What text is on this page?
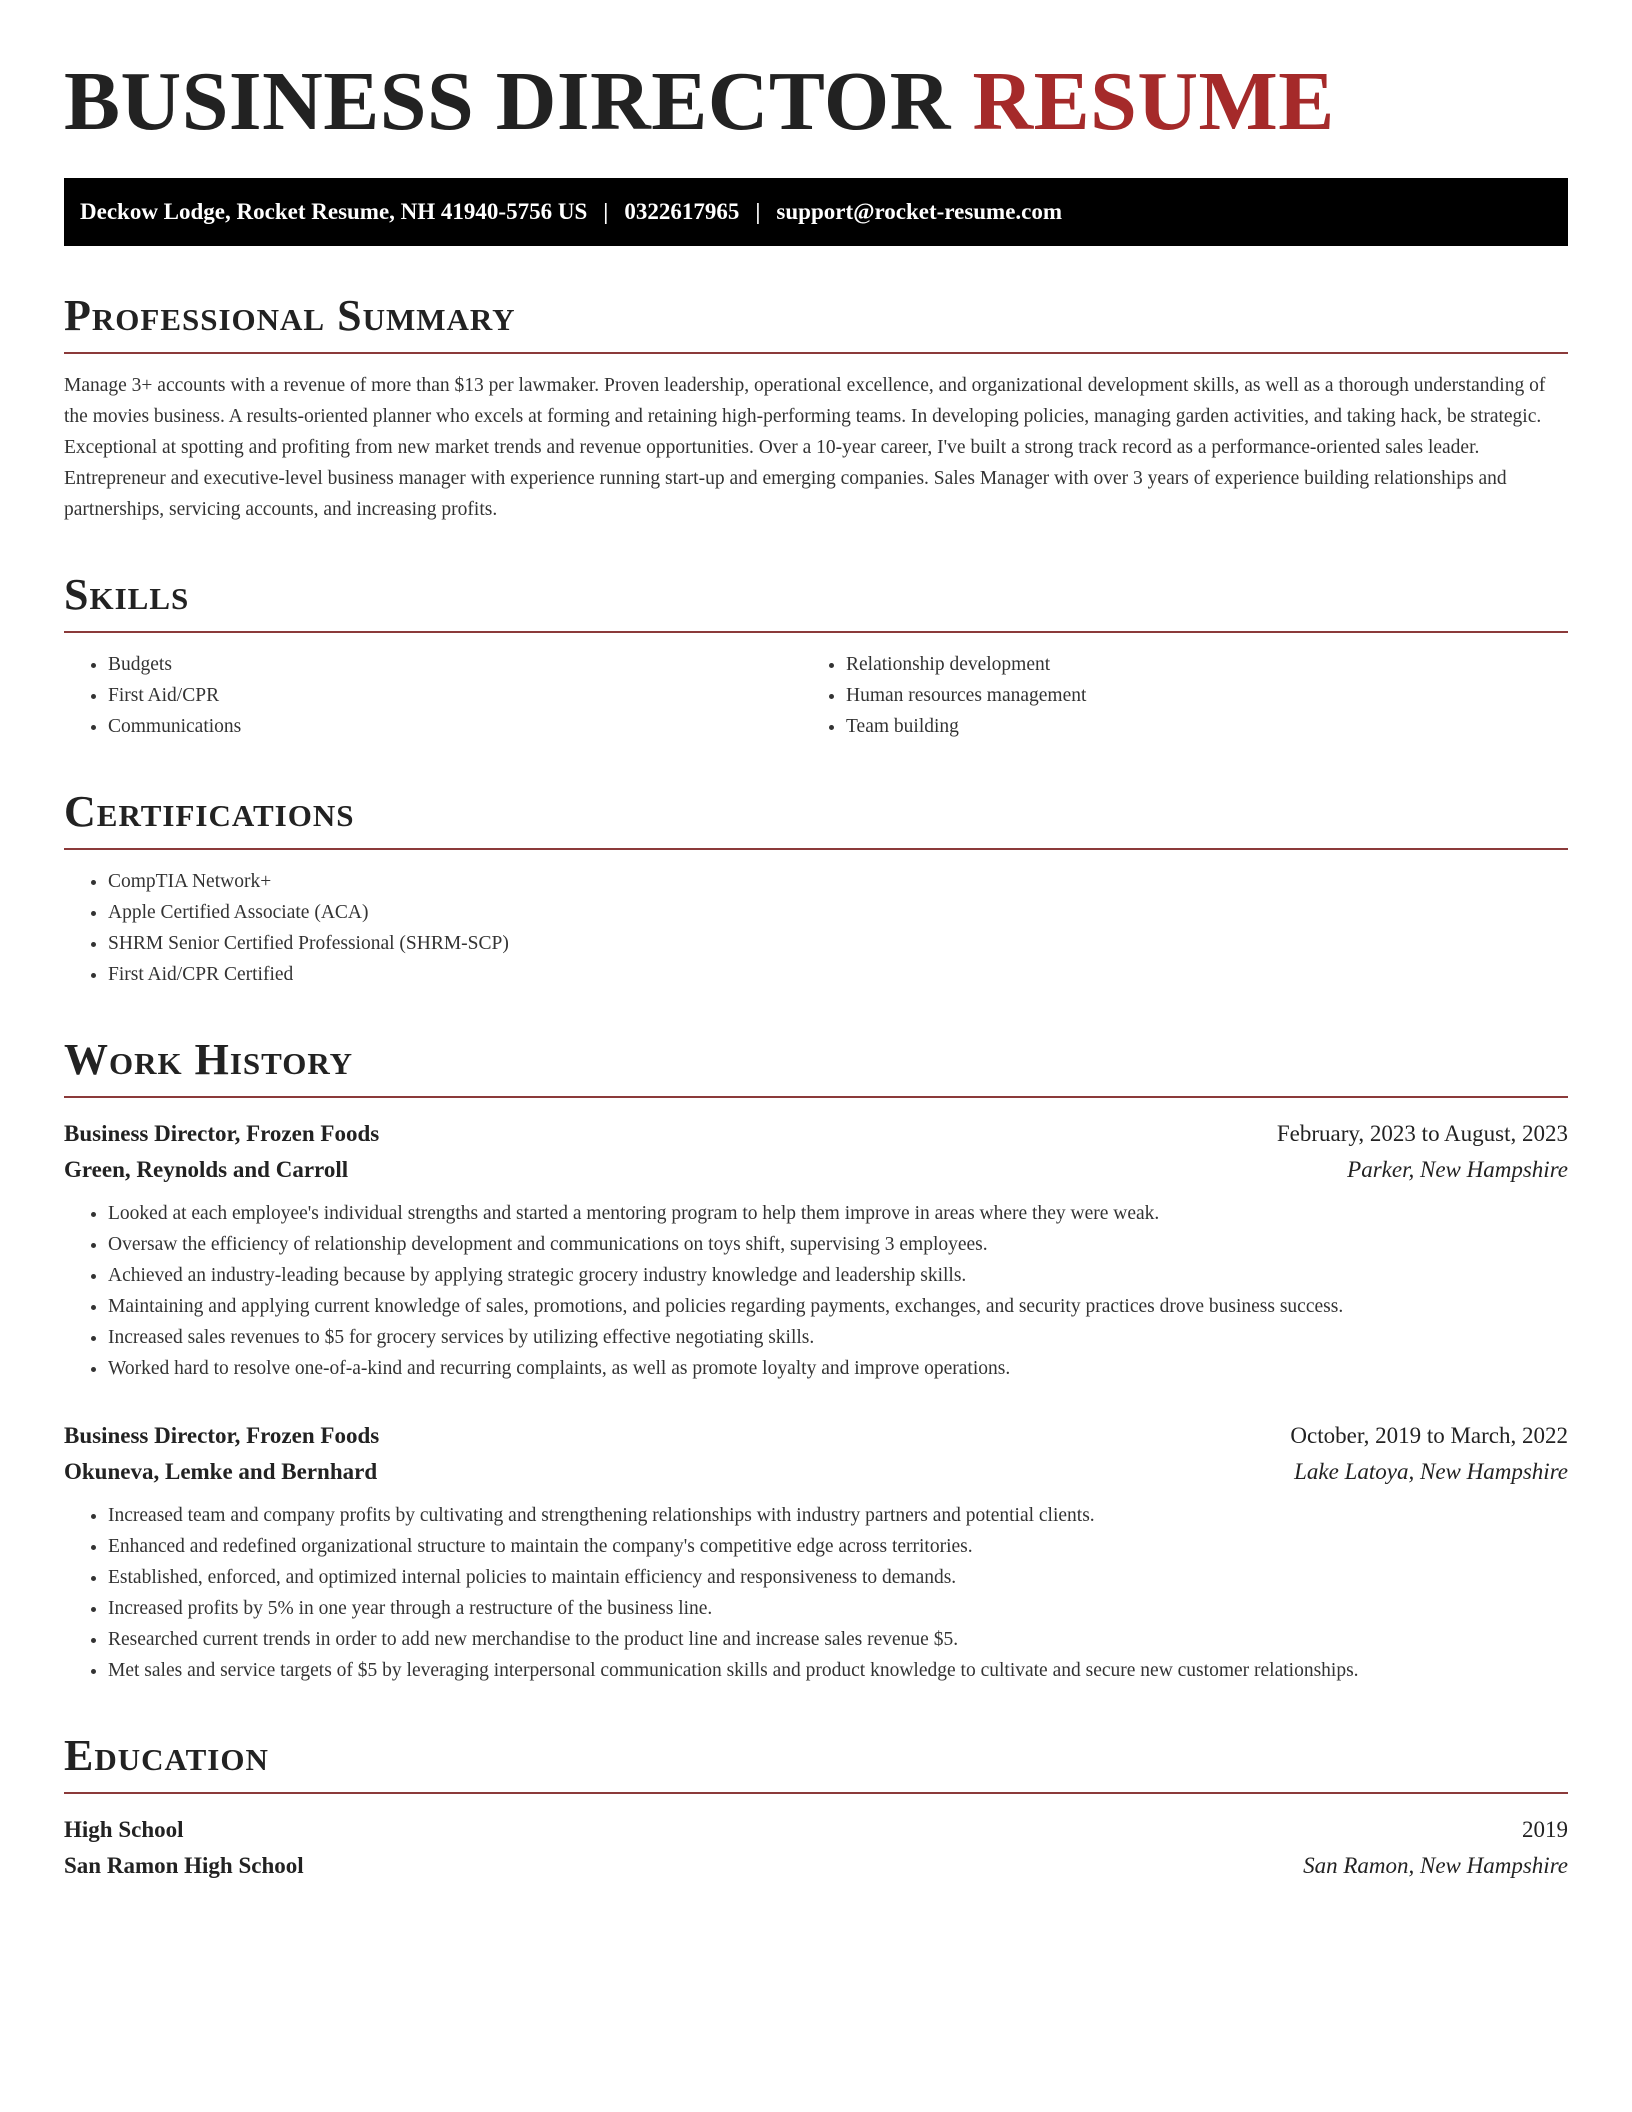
BUSINESS DIRECTOR RESUME
Deckow Lodge, Rocket Resume, NH 41940-5756 US | 0322617965 | support@rocket-resume.com
Professional Summary

Manage 3+ accounts with a revenue of more than $13 per lawmaker. Proven leadership, operational excellence, and organizational development skills, as well as a thorough understanding of the movies business. A results-oriented planner who excels at forming and retaining high-performing teams. In developing policies, managing garden activities, and taking hack, be strategic. Exceptional at spotting and profiting from new market trends and revenue opportunities. Over a 10-year career, I've built a strong track record as a performance-oriented sales leader. Entrepreneur and executive-level business manager with experience running start-up and emerging companies. Sales Manager with over 3 years of experience building relationships and partnerships, servicing accounts, and increasing profits.

Skills
• Budgets
• First Aid/CPR
• Communications
• Relationship development
• Human resources management
• Team building
Certifications
• CompTIA Network+
• Apple Certified Associate (ACA)
• SHRM Senior Certified Professional (SHRM-SCP)
• First Aid/CPR Certified
Work History
Business Director, Frozen Foods	February, 2023 to August, 2023
Green, Reynolds and Carroll	Parker, New Hampshire
• Looked at each employee's individual strengths and started a mentoring program to help them improve in areas where they were weak.
• Oversaw the efficiency of relationship development and communications on toys shift, supervising 3 employees.
• Achieved an industry-leading because by applying strategic grocery industry knowledge and leadership skills.
• Maintaining and applying current knowledge of sales, promotions, and policies regarding payments, exchanges, and security practices drove business success.
• Increased sales revenues to $5 for grocery services by utilizing effective negotiating skills.
• Worked hard to resolve one-of-a-kind and recurring complaints, as well as promote loyalty and improve operations.
Business Director, Frozen Foods	October, 2019 to March, 2022
Okuneva, Lemke and Bernhard	Lake Latoya, New Hampshire
• Increased team and company profits by cultivating and strengthening relationships with industry partners and potential clients.
• Enhanced and redefined organizational structure to maintain the company's competitive edge across territories.
• Established, enforced, and optimized internal policies to maintain efficiency and responsiveness to demands.
• Increased profits by 5% in one year through a restructure of the business line.
• Researched current trends in order to add new merchandise to the product line and increase sales revenue $5.
• Met sales and service targets of $5 by leveraging interpersonal communication skills and product knowledge to cultivate and secure new customer relationships.
Education
High School	2019
San Ramon High School	San Ramon, New Hampshire
